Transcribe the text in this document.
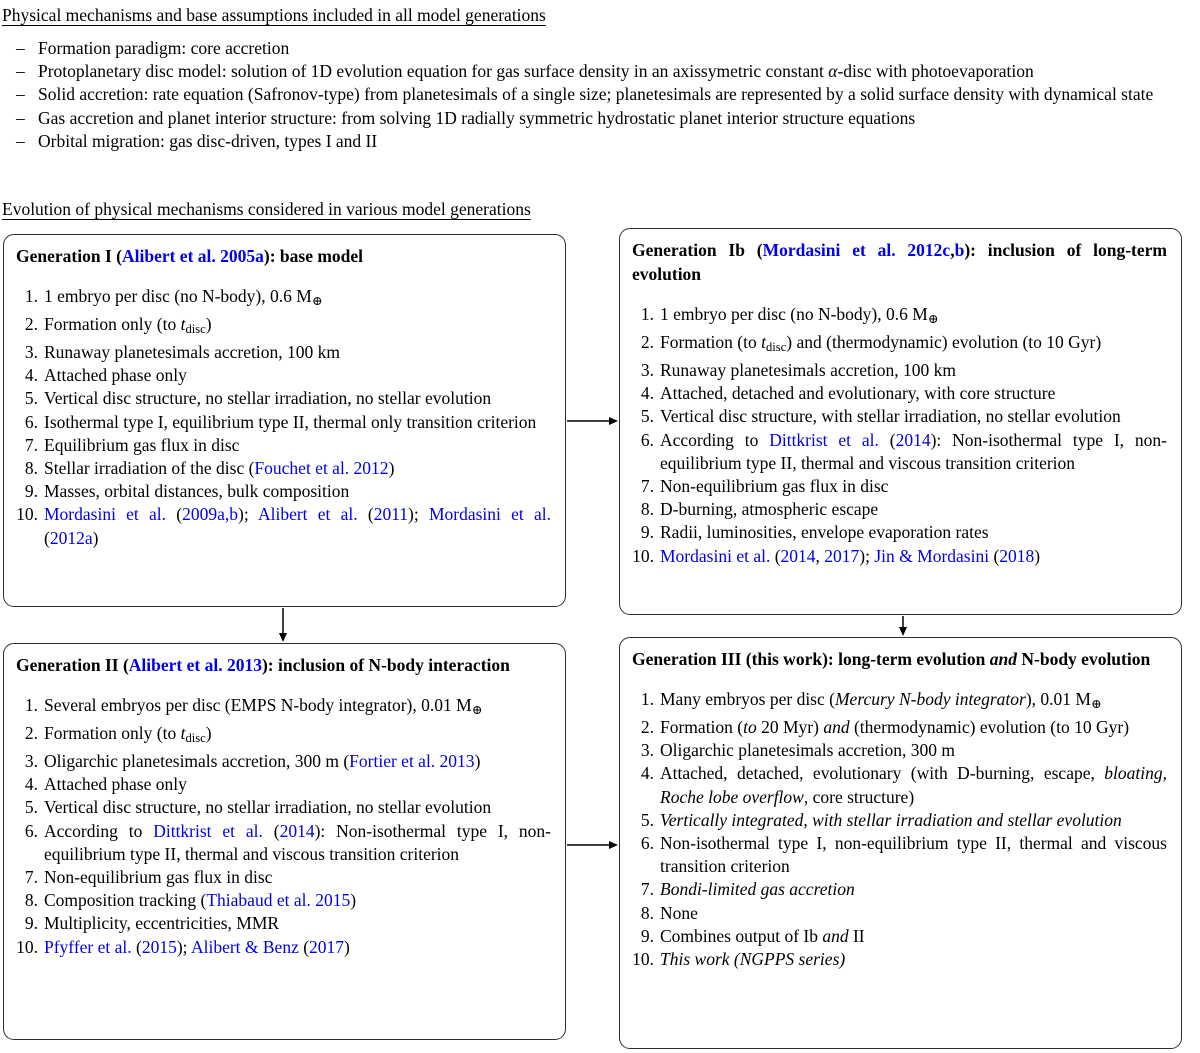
Physical mechanisms and base assumptions included in all model generations
– Formation paradigm: core accretion
– Protoplanetary disc model: solution of 1D evolution equation for gas surface density in an axissymetric constant α-disc with photoevaporation
– Solid accretion: rate equation (Safronov-type) from planetesimals of a single size; planetesimals are represented by a solid surface density with dynamical state
– Gas accretion and planet interior structure: from solving 1D radially symmetric hydrostatic planet interior structure equations
– Orbital migration: gas disc-driven, types I and II
Evolution of physical mechanisms considered in various model generations
Generation I (Alibert et al. 2005a): base model
1 embryo per disc (no N-body), 0.6 M⊕
Formation only (to tdisc)
Runaway planetesimals accretion, 100 km
Attached phase only
Vertical disc structure, no stellar irradiation, no stellar evolution
Isothermal type I, equilibrium type II, thermal only transition criterion
Equilibrium gas flux in disc
Stellar irradiation of the disc (Fouchet et al. 2012)
Masses, orbital distances, bulk composition
Mordasini et al. (2009a,b); Alibert et al. (2011); Mordasini et al. (2012a)
Generation Ib (Mordasini et al. 2012c,b): inclusion of long-term evolution
1 embryo per disc (no N-body), 0.6 M⊕
Formation (to tdisc) and (thermodynamic) evolution (to 10 Gyr)
Runaway planetesimals accretion, 100 km
Attached, detached and evolutionary, with core structure
Vertical disc structure, with stellar irradiation, no stellar evolution
According to Dittkrist et al. (2014): Non-isothermal type I, non-equilibrium type II, thermal and viscous transition criterion
Non-equilibrium gas flux in disc
D-burning, atmospheric escape
Radii, luminosities, envelope evaporation rates
Mordasini et al. (2014, 2017); Jin & Mordasini (2018)
Generation II (Alibert et al. 2013): inclusion of N-body interaction
Several embryos per disc (EMPS N-body integrator), 0.01 M⊕
Formation only (to tdisc)
Oligarchic planetesimals accretion, 300 m (Fortier et al. 2013)
Attached phase only
Vertical disc structure, no stellar irradiation, no stellar evolution
According to Dittkrist et al. (2014): Non-isothermal type I, non-equilibrium type II, thermal and viscous transition criterion
Non-equilibrium gas flux in disc
Composition tracking (Thiabaud et al. 2015)
Multiplicity, eccentricities, MMR
Pfyffer et al. (2015); Alibert & Benz (2017)
Generation III (this work): long-term evolution and N-body evolution
Many embryos per disc (Mercury N-body integrator), 0.01 M⊕
Formation (to 20 Myr) and (thermodynamic) evolution (to 10 Gyr)
Oligarchic planetesimals accretion, 300 m
Attached, detached, evolutionary (with D-burning, escape, bloating, Roche lobe overflow, core structure)
Vertically integrated, with stellar irradiation and stellar evolution
Non-isothermal type I, non-equilibrium type II, thermal and viscous transition criterion
Bondi-limited gas accretion
None
Combines output of Ib and II
This work (NGPPS series)
